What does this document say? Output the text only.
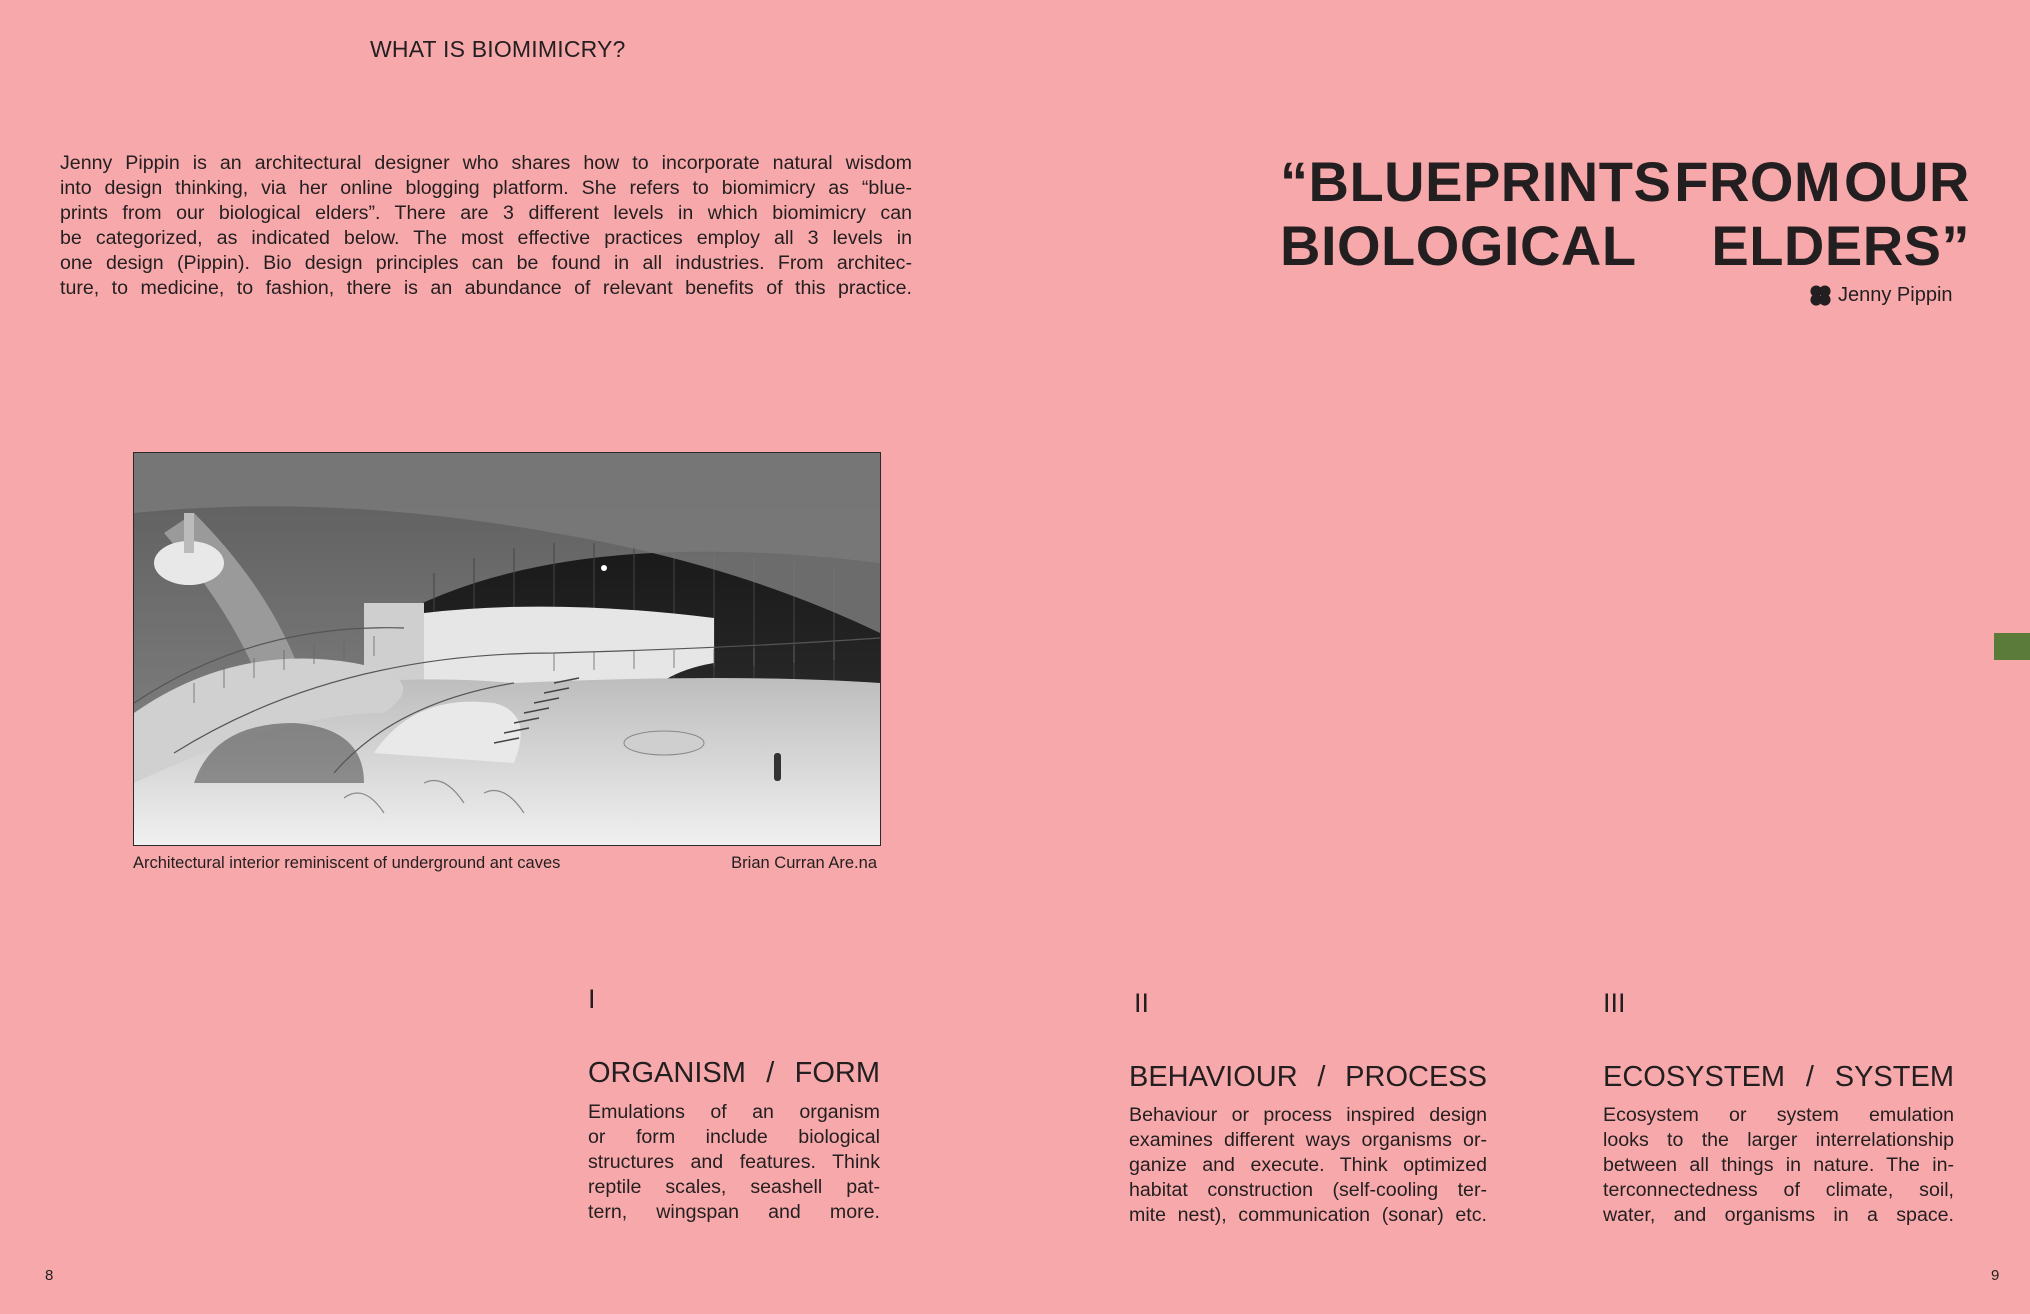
WHAT IS BIOMIMICRY?
Jenny Pippin is an architectural designer who shares how to incorporate natural wisdom
into design thinking, via her online blogging platform. She refers to biomimicry as “blue-
prints from our biological elders”. There are 3 different levels in which biomimicry can
be categorized, as indicated below. The most effective practices employ all 3 levels in
one design (Pippin). Bio design principles can be found in all industries. From architec-
ture, to medicine, to fashion, there is an abundance of relevant benefits of this practice.
Architectural interior reminiscent of underground ant caves	Brian Curran Are.na
“BLUEPRINTS FROM OUR
BIOLOGICAL ELDERS”
Jenny Pippin
I
ORGANISM / FORM
Emulations of an organism
or form include biological
structures and features. Think
reptile scales, seashell pat-
tern, wingspan and more.
II
BEHAVIOUR / PROCESS
Behaviour or process inspired design
examines different ways organisms or-
ganize and execute. Think optimized
habitat construction (self-cooling ter-
mite nest), communication (sonar) etc.
III
ECOSYSTEM / SYSTEM
Ecosystem or system emulation
looks to the larger interrelationship
between all things in nature. The in-
terconnectedness of climate, soil,
water, and organisms in a space.
8	9
